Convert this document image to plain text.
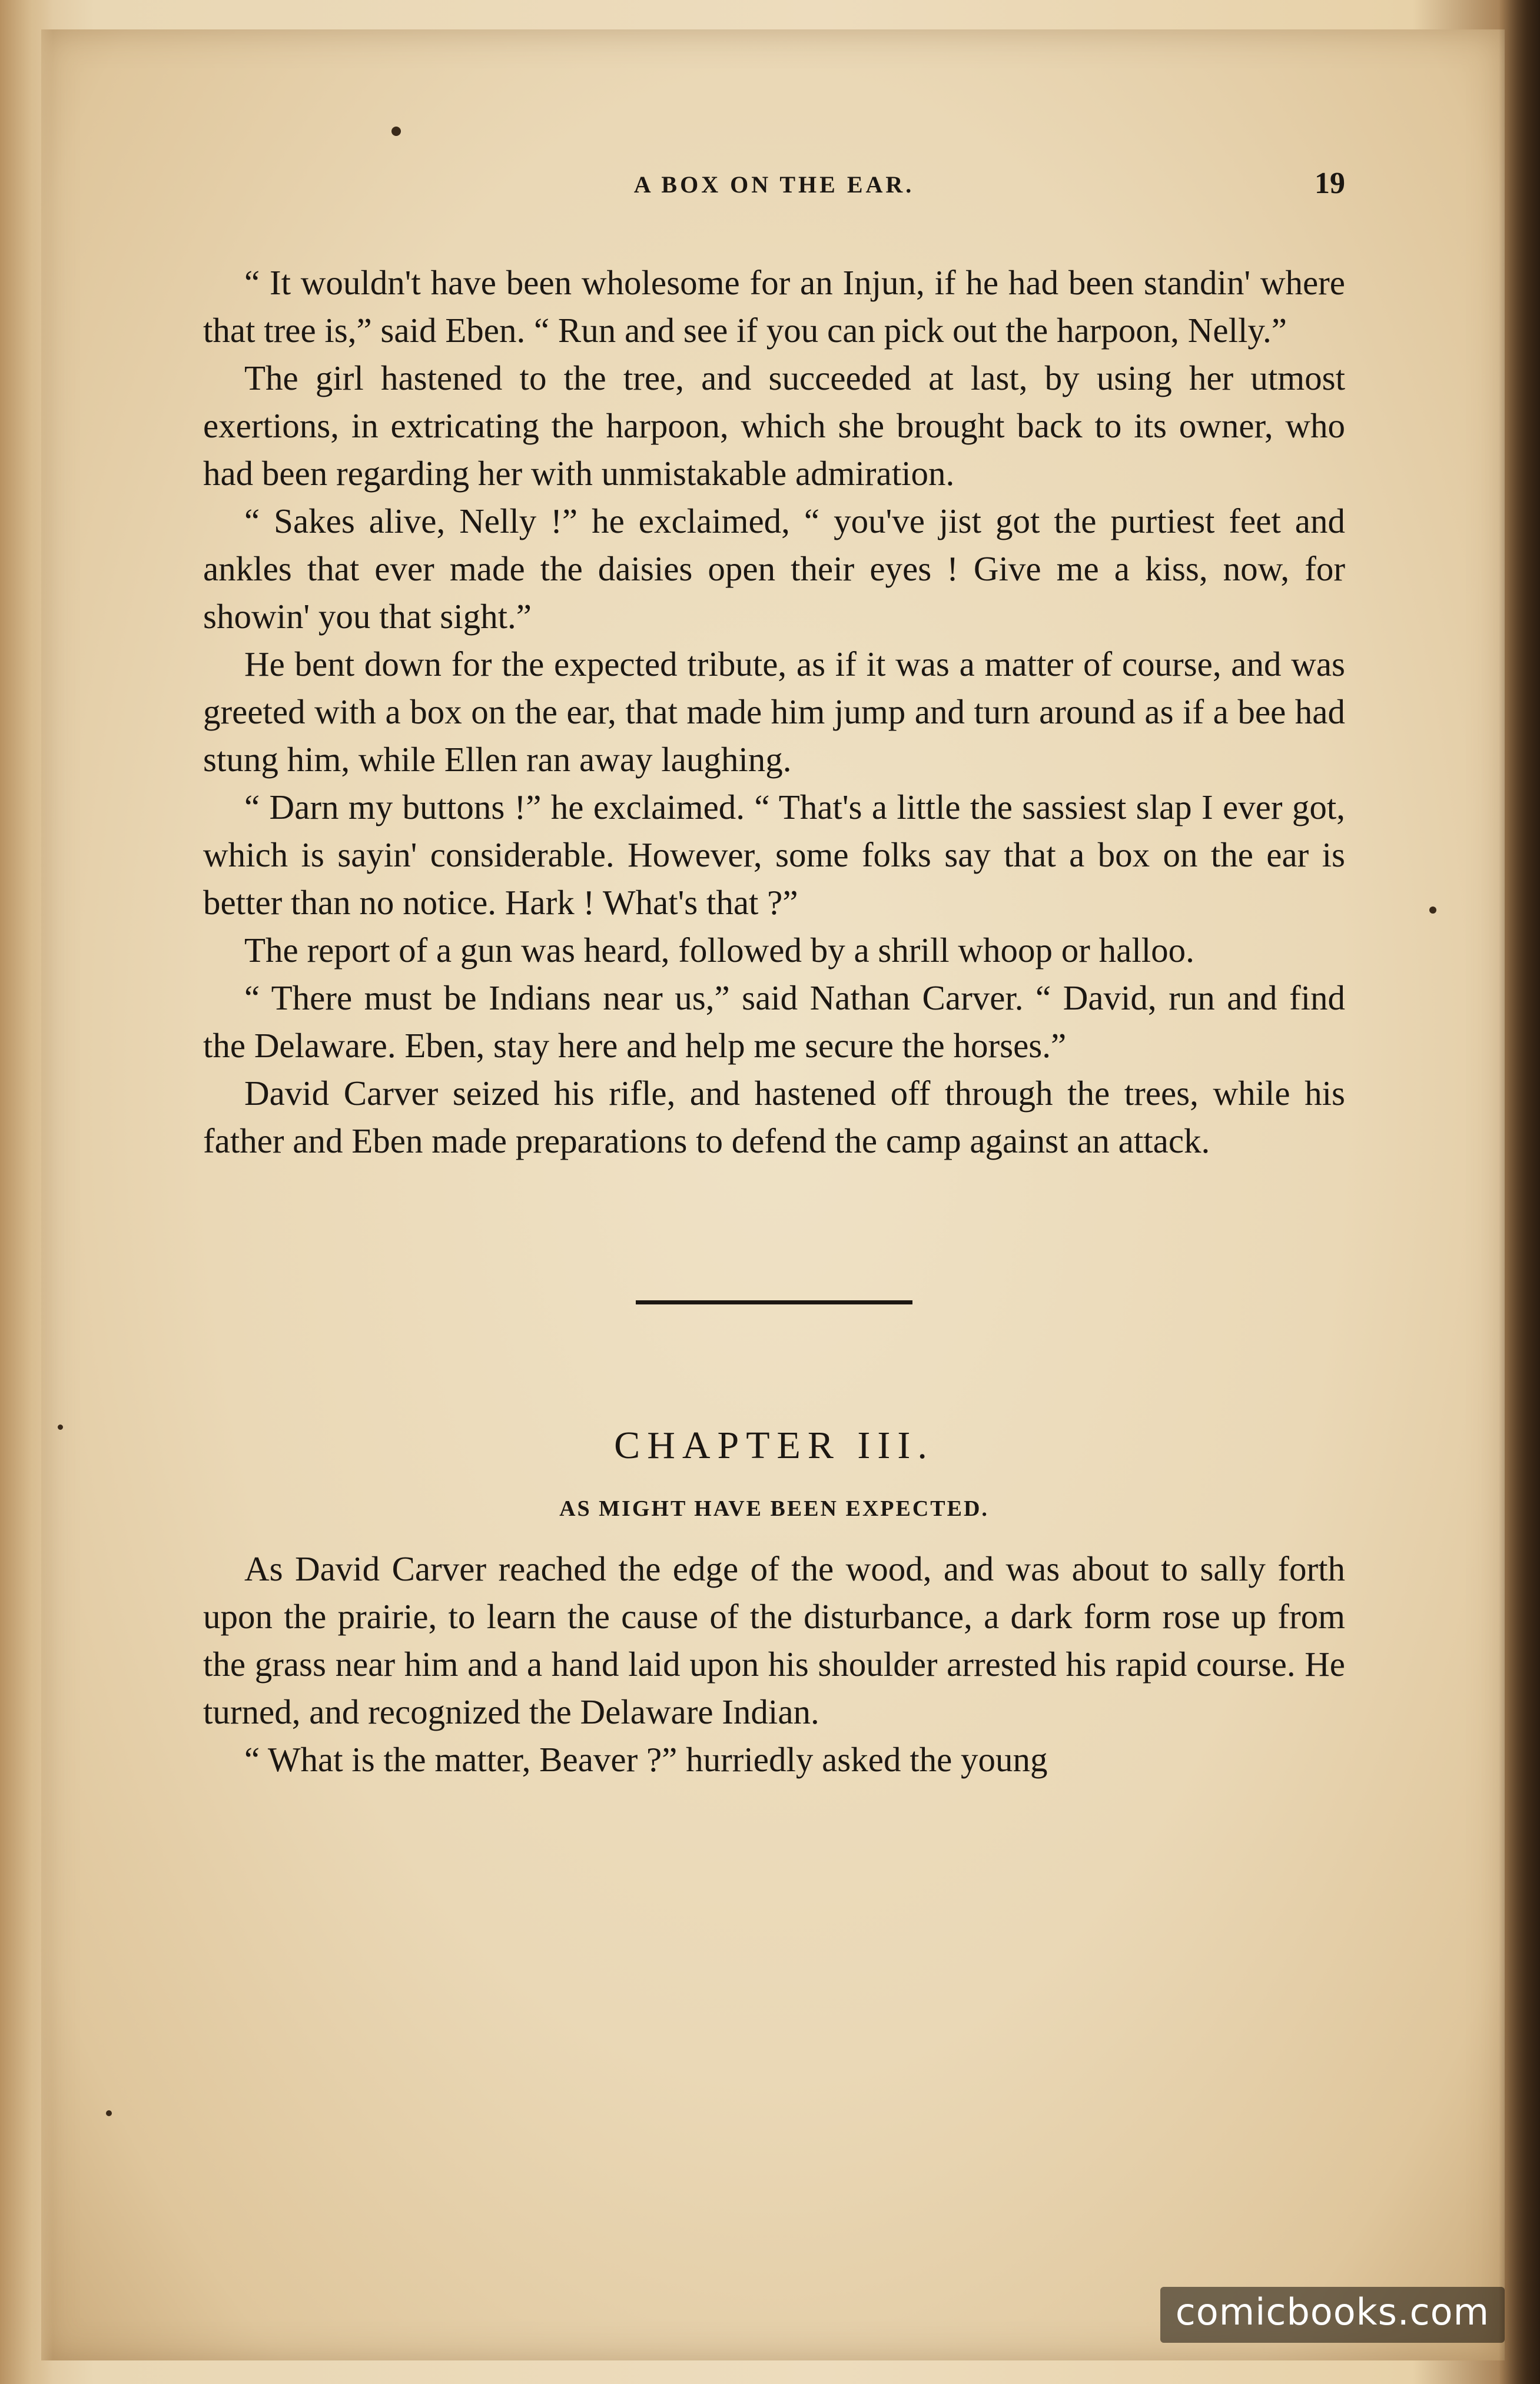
A BOX ON THE EAR.	19

“ It wouldn't have been wholesome for an Injun, if he had been standin' where that tree is,” said Eben. “ Run and see if you can pick out the harpoon, Nelly.”

The girl hastened to the tree, and succeeded at last, by using her utmost exertions, in extricating the harpoon, which she brought back to its owner, who had been regarding her with unmistakable admiration.

“ Sakes alive, Nelly !” he exclaimed, “ you've jist got the purtiest feet and ankles that ever made the daisies open their eyes ! Give me a kiss, now, for showin' you that sight.”

He bent down for the expected tribute, as if it was a matter of course, and was greeted with a box on the ear, that made him jump and turn around as if a bee had stung him, while Ellen ran away laughing.

“ Darn my buttons !” he exclaimed. “ That's a little the sassiest slap I ever got, which is sayin' considerable. However, some folks say that a box on the ear is better than no notice. Hark ! What's that ?”

The report of a gun was heard, followed by a shrill whoop or halloo.

“ There must be Indians near us,” said Nathan Carver. “ David, run and find the Delaware. Eben, stay here and help me secure the horses.”

David Carver seized his rifle, and hastened off through the trees, while his father and Eben made preparations to defend the camp against an attack.

CHAPTER III.
AS MIGHT HAVE BEEN EXPECTED.

As David Carver reached the edge of the wood, and was about to sally forth upon the prairie, to learn the cause of the disturbance, a dark form rose up from the grass near him and a hand laid upon his shoulder arrested his rapid course. He turned, and recognized the Delaware Indian.

“ What is the matter, Beaver ?” hurriedly asked the young

comicbooks.com
